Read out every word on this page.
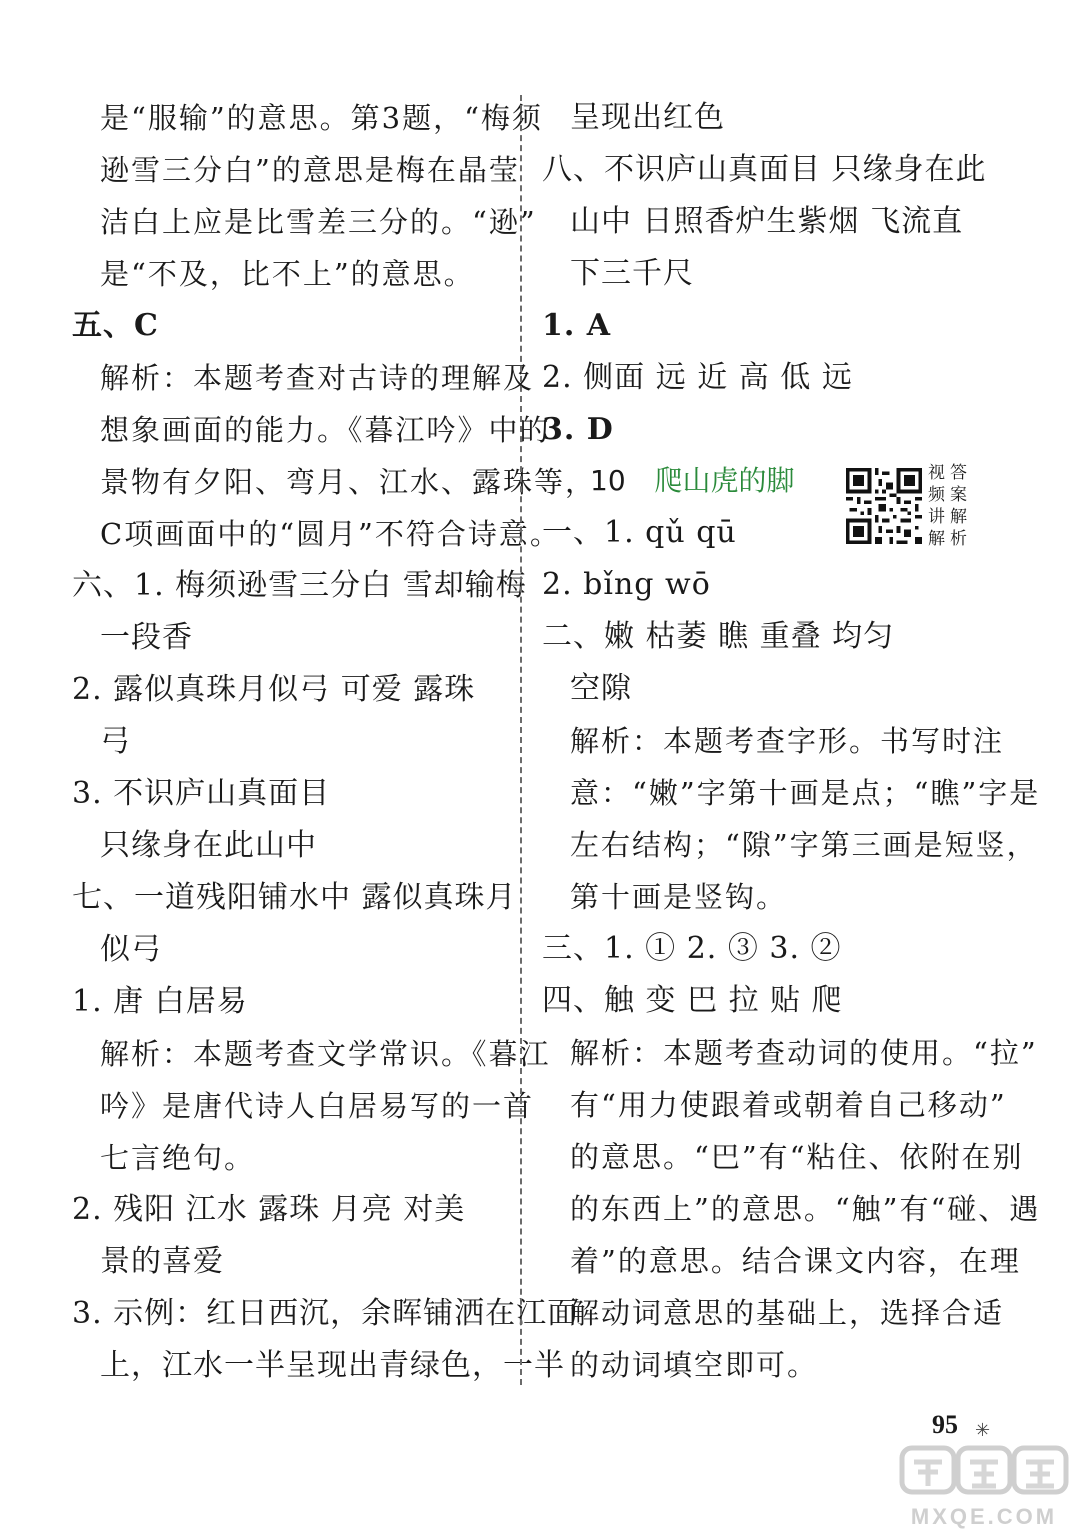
是“服输”的意思。第3题，“梅须
逊雪三分白”的意思是梅在晶莹
洁白上应是比雪差三分的。“逊”
是“不及，比不上”的意思。
五、C
解析：本题考查对古诗的理解及
想象画面的能力。《暮江吟》中的
景物有夕阳、弯月、江水、露珠等，
C项画面中的“圆月”不符合诗意。
六、1. 梅须逊雪三分白 雪却输梅
一段香
2. 露似真珠月似弓 可爱 露珠
弓
3. 不识庐山真面目
只缘身在此山中
七、一道残阳铺水中 露似真珠月
似弓
1. 唐 白居易
解析：本题考查文学常识。《暮江
吟》是唐代诗人白居易写的一首
七言绝句。
2. 残阳 江水 露珠 月亮 对美
景的喜爱
3. 示例：红日西沉，余晖铺洒在江面
上，江水一半呈现出青绿色，一半
呈现出红色
八、不识庐山真面目 只缘身在此
山中 日照香炉生紫烟 飞流直
下三千尺
1. A
2. 侧面 远 近 高 低 远
3. D
一、1. qǔ qū
2. bǐng wō
二、嫩 枯萎 瞧 重叠 均匀
空隙
解析：本题考查字形。书写时注
意：“嫩”字第十画是点；“瞧”字是
左右结构；“隙”字第三画是短竖，
第十画是竖钩。
三、1. ① 2. ③ 3. ②
四、触 变 巴 拉 贴 爬
解析：本题考查动词的使用。“拉”
有“用力使跟着或朝着自己移动”
的意思。“巴”有“粘住、依附在别
的东西上”的意思。“触”有“碰、遇
着”的意思。结合课文内容，在理
解动词意思的基础上，选择合适
的动词填空即可。
10 爬山虎的脚	视 答
频 案
讲 解
解 析
95 ✳
MXQE.COM
